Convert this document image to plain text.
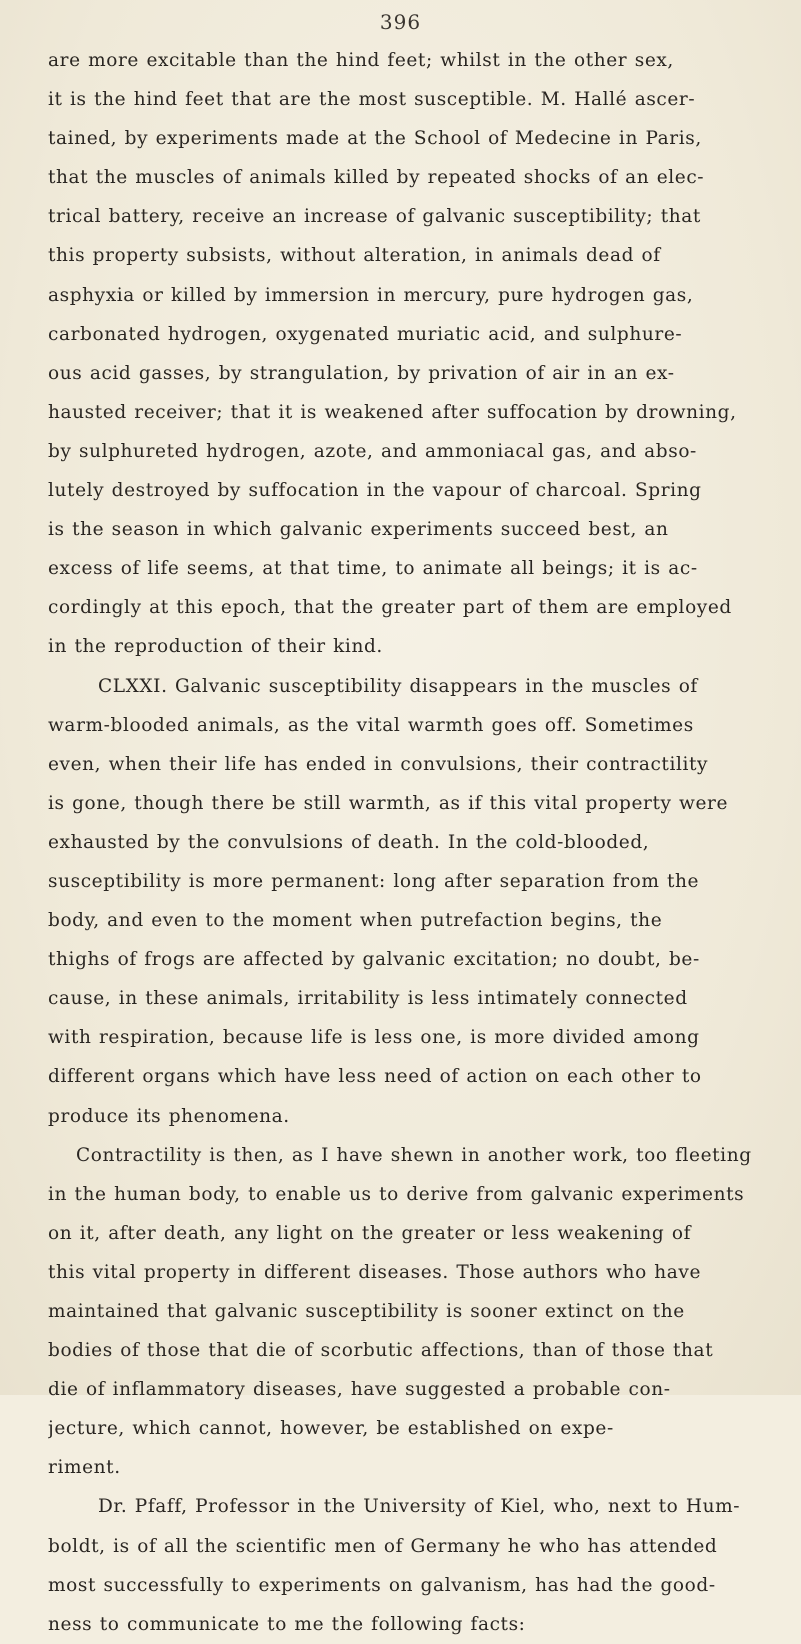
396
are more excitable than the hind feet; whilst in the other sex,
it is the hind feet that are the most susceptible. M. Hallé ascer-
tained, by experiments made at the School of Medecine in Paris,
that the muscles of animals killed by repeated shocks of an elec-
trical battery, receive an increase of galvanic susceptibility; that
this property subsists, without alteration, in animals dead of
asphyxia or killed by immersion in mercury, pure hydrogen gas,
carbonated hydrogen, oxygenated muriatic acid, and sulphure-
ous acid gasses, by strangulation, by privation of air in an ex-
hausted receiver; that it is weakened after suffocation by drowning,
by sulphureted hydrogen, azote, and ammoniacal gas, and abso-
lutely destroyed by suffocation in the vapour of charcoal. Spring
is the season in which galvanic experiments succeed best, an
excess of life seems, at that time, to animate all beings; it is ac-
cordingly at this epoch, that the greater part of them are employed
in the reproduction of their kind.
CLXXI. Galvanic susceptibility disappears in the muscles of
warm-blooded animals, as the vital warmth goes off. Sometimes
even, when their life has ended in convulsions, their contractility
is gone, though there be still warmth, as if this vital property were
exhausted by the convulsions of death. In the cold-blooded,
susceptibility is more permanent: long after separation from the
body, and even to the moment when putrefaction begins, the
thighs of frogs are affected by galvanic excitation; no doubt, be-
cause, in these animals, irritability is less intimately connected
with respiration, because life is less one, is more divided among
different organs which have less need of action on each other to
produce its phenomena.
Contractility is then, as I have shewn in another work, too fleeting
in the human body, to enable us to derive from galvanic experiments
on it, after death, any light on the greater or less weakening of
this vital property in different diseases. Those authors who have
maintained that galvanic susceptibility is sooner extinct on the
bodies of those that die of scorbutic affections, than of those that
die of inflammatory diseases, have suggested a probable con-
jecture, which cannot, however, be established on expe-
riment.
Dr. Pfaff, Professor in the University of Kiel, who, next to Hum-
boldt, is of all the scientific men of Germany he who has attended
most successfully to experiments on galvanism, has had the good-
ness to communicate to me the following facts:
